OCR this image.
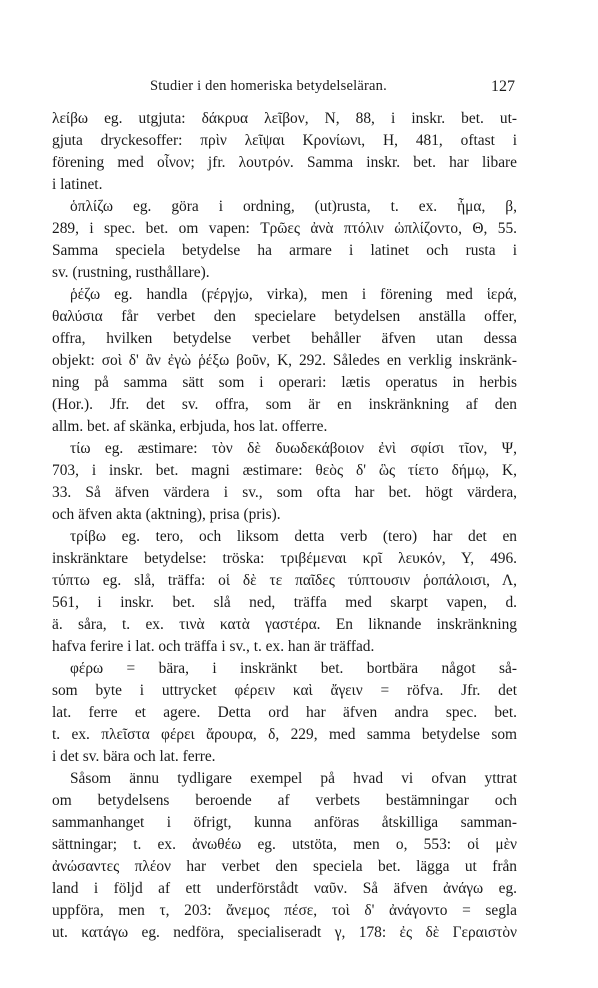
Studier i den homeriska betydelseläran.	127
λείβω eg. utgjuta: δάκρυα λεῖβον, Ν, 88, i inskr. bet. ut-
gjuta dryckesoffer: πρὶν λεῖψαι Κρονίωνι, Η, 481, oftast i
förening med οἶνον; jfr. λουτρόν. Samma inskr. bet. har libare
i latinet.
ὁπλίζω eg. göra i ordning, (ut)rusta, t. ex. ἦμα, β,
289, i spec. bet. om vapen: Τρῶες ἀνὰ πτόλιν ὡπλίζοντο, Θ, 55.
Samma speciela betydelse ha armare i latinet och rusta i
sv. (rustning, rusthållare).
ῥέζω eg. handla (ϝέργjω, virka), men i förening med ἱερά,
θαλύσια får verbet den specielare betydelsen anställa offer,
offra, hvilken betydelse verbet behåller äfven utan dessa
objekt: σοὶ δ' ἂν ἐγὼ ῥέξω βοῦν, Κ, 292. Således en verklig inskränk-
ning på samma sätt som i operari: lætis operatus in herbis
(Hor.). Jfr. det sv. offra, som är en inskränkning af den
allm. bet. af skänka, erbjuda, hos lat. offerre.
τίω eg. æstimare: τὸν δὲ δυωδεκάβοιον ἐνὶ σφίσι τῖον, Ψ,
703, i inskr. bet. magni æstimare: θεὸς δ' ὣς τίετο δήμῳ, Κ,
33. Så äfven värdera i sv., som ofta har bet. högt värdera,
och äfven akta (aktning), prisa (pris).
τρίβω eg. tero, och liksom detta verb (tero) har det en
inskränktare betydelse: tröska: τριβέμεναι κρῖ λευκόν, Υ, 496.
τύπτω eg. slå, träffa: οἱ δὲ τε παῖδες τύπτουσιν ῥοπάλοισι, Λ,
561, i inskr. bet. slå ned, träffa med skarpt vapen, d.
ä. såra, t. ex. τινὰ κατὰ γαστέρα. En liknande inskränkning
hafva ferire i lat. och träffa i sv., t. ex. han är träffad.
φέρω = bära, i inskränkt bet. bortbära något så-
som byte i uttrycket φέρειν καὶ ἄγειν = röfva. Jfr. det
lat. ferre et agere. Detta ord har äfven andra spec. bet.
t. ex. πλεῖστα φέρει ἄρουρα, δ, 229, med samma betydelse som
i det sv. bära och lat. ferre.
Såsom ännu tydligare exempel på hvad vi ofvan yttrat
om betydelsens beroende af verbets bestämningar och
sammanhanget i öfrigt, kunna anföras åtskilliga samman-
sättningar; t. ex. ἀνωθέω eg. utstöta, men ο, 553: οἱ μὲν
ἀνώσαντες πλέον har verbet den speciela bet. lägga ut från
land i följd af ett underförstådt ναῦν. Så äfven ἀνάγω eg.
uppföra, men τ, 203: ἄνεμος πέσε, τοὶ δ' ἀνάγοντο = segla
ut. κατάγω eg. nedföra, specialiseradt γ, 178: ἐς δὲ Γεραιστὸν
